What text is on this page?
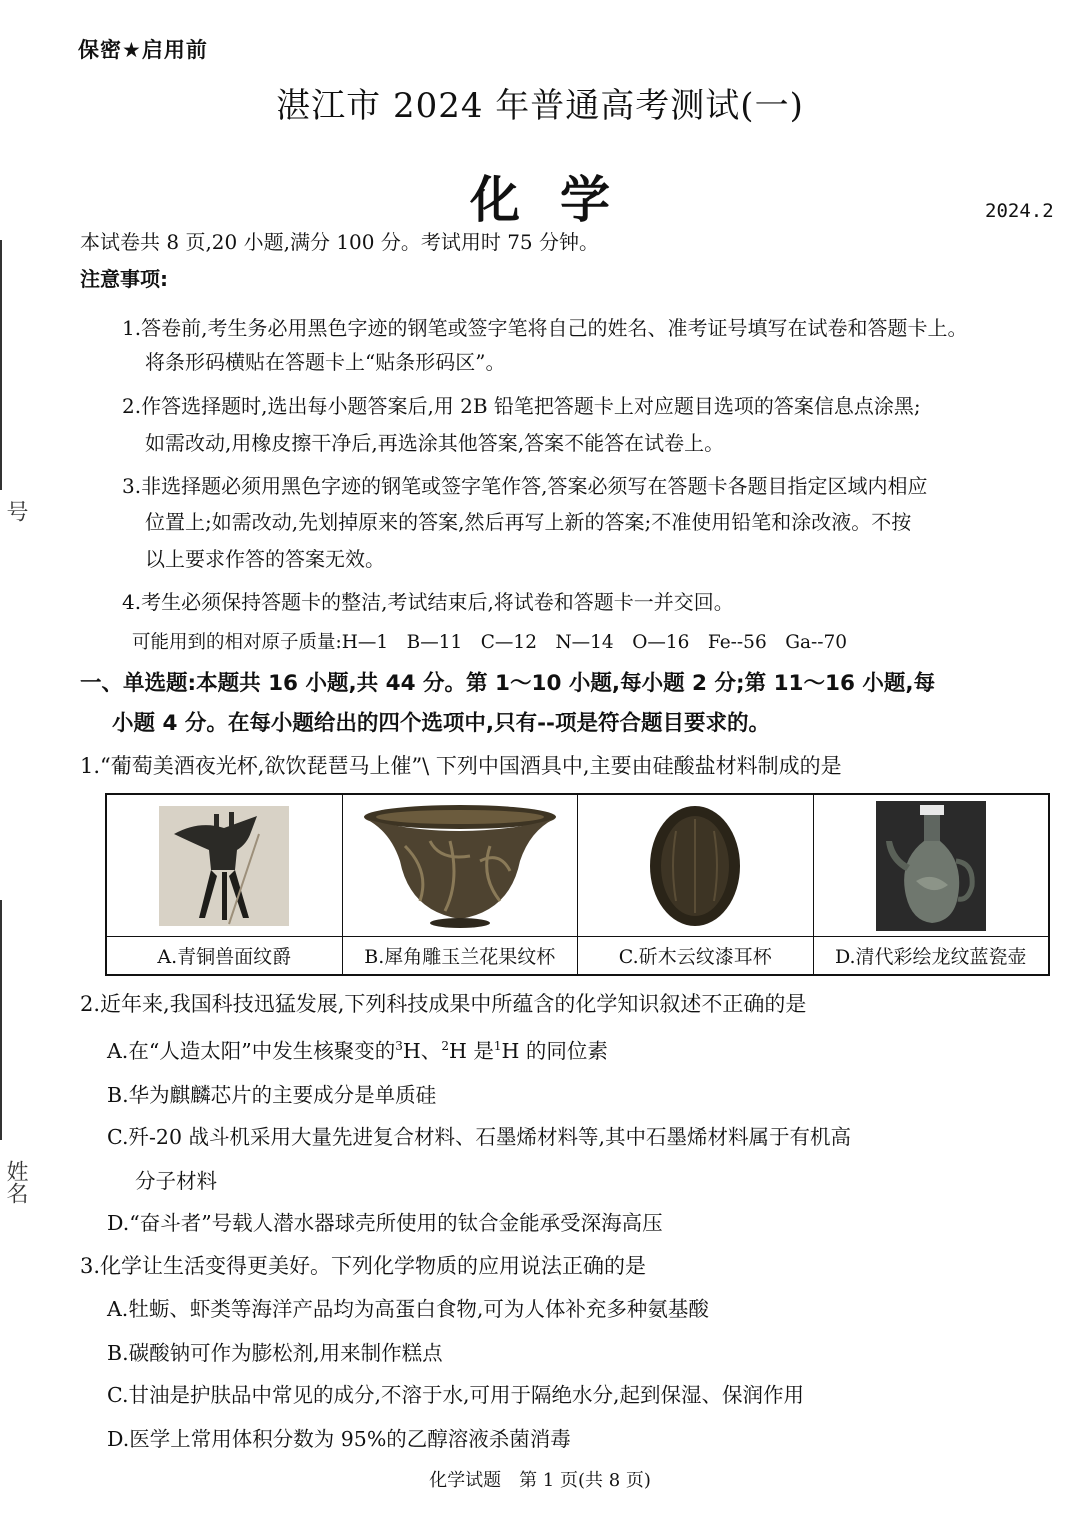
号
姓名
保密★启用前
湛江市 2024 年普通高考测试(一)
化学	2024.2
本试卷共 8 页,20 小题,满分 100 分。考试用时 75 分钟。
注意事项:
1.答卷前,考生务必用黑色字迹的钢笔或签字笔将自己的姓名、准考证号填写在试卷和答题卡上。
将条形码横贴在答题卡上“贴条形码区”。
2.作答选择题时,选出每小题答案后,用 2B 铅笔把答题卡上对应题目选项的答案信息点涂黑;
如需改动,用橡皮擦干净后,再选涂其他答案,答案不能答在试卷上。
3.非选择题必须用黑色字迹的钢笔或签字笔作答,答案必须写在答题卡各题目指定区域内相应
位置上;如需改动,先划掉原来的答案,然后再写上新的答案;不准使用铅笔和涂改液。不按
以上要求作答的答案无效。
4.考生必须保持答题卡的整洁,考试结束后,将试卷和答题卡一并交回。
可能用到的相对原子质量:H—1　B—11　C—12　N—14　O—16　Fe--56　Ga--70
一、单选题:本题共 16 小题,共 44 分。第 1～10 小题,每小题 2 分;第 11～16 小题,每
小题 4 分。在每小题给出的四个选项中,只有--项是符合题目要求的。
1.“葡萄美酒夜光杯,欲饮琵琶马上催”\ 下列中国酒具中,主要由硅酸盐材料制成的是
A.青铜兽面纹爵	B.犀角雕玉兰花果纹杯	C.斫木云纹漆耳杯	D.清代彩绘龙纹蓝瓷壶
2.近年来,我国科技迅猛发展,下列科技成果中所蕴含的化学知识叙述不正确的是
A.在“人造太阳”中发生核聚变的$^3$H、$^2$H 是$^1$H 的同位素
B.华为麒麟芯片的主要成分是单质硅
C.歼-20 战斗机采用大量先进复合材料、石墨烯材料等,其中石墨烯材料属于有机高
分子材料
D.“奋斗者”号载人潜水器球壳所使用的钛合金能承受深海高压
3.化学让生活变得更美好。下列化学物质的应用说法正确的是
A.牡蛎、虾类等海洋产品均为高蛋白食物,可为人体补充多种氨基酸
B.碳酸钠可作为膨松剂,用来制作糕点
C.甘油是护肤品中常见的成分,不溶于水,可用于隔绝水分,起到保湿、保润作用
D.医学上常用体积分数为 95%的乙醇溶液杀菌消毒
化学试题　第 1 页(共 8 页)
